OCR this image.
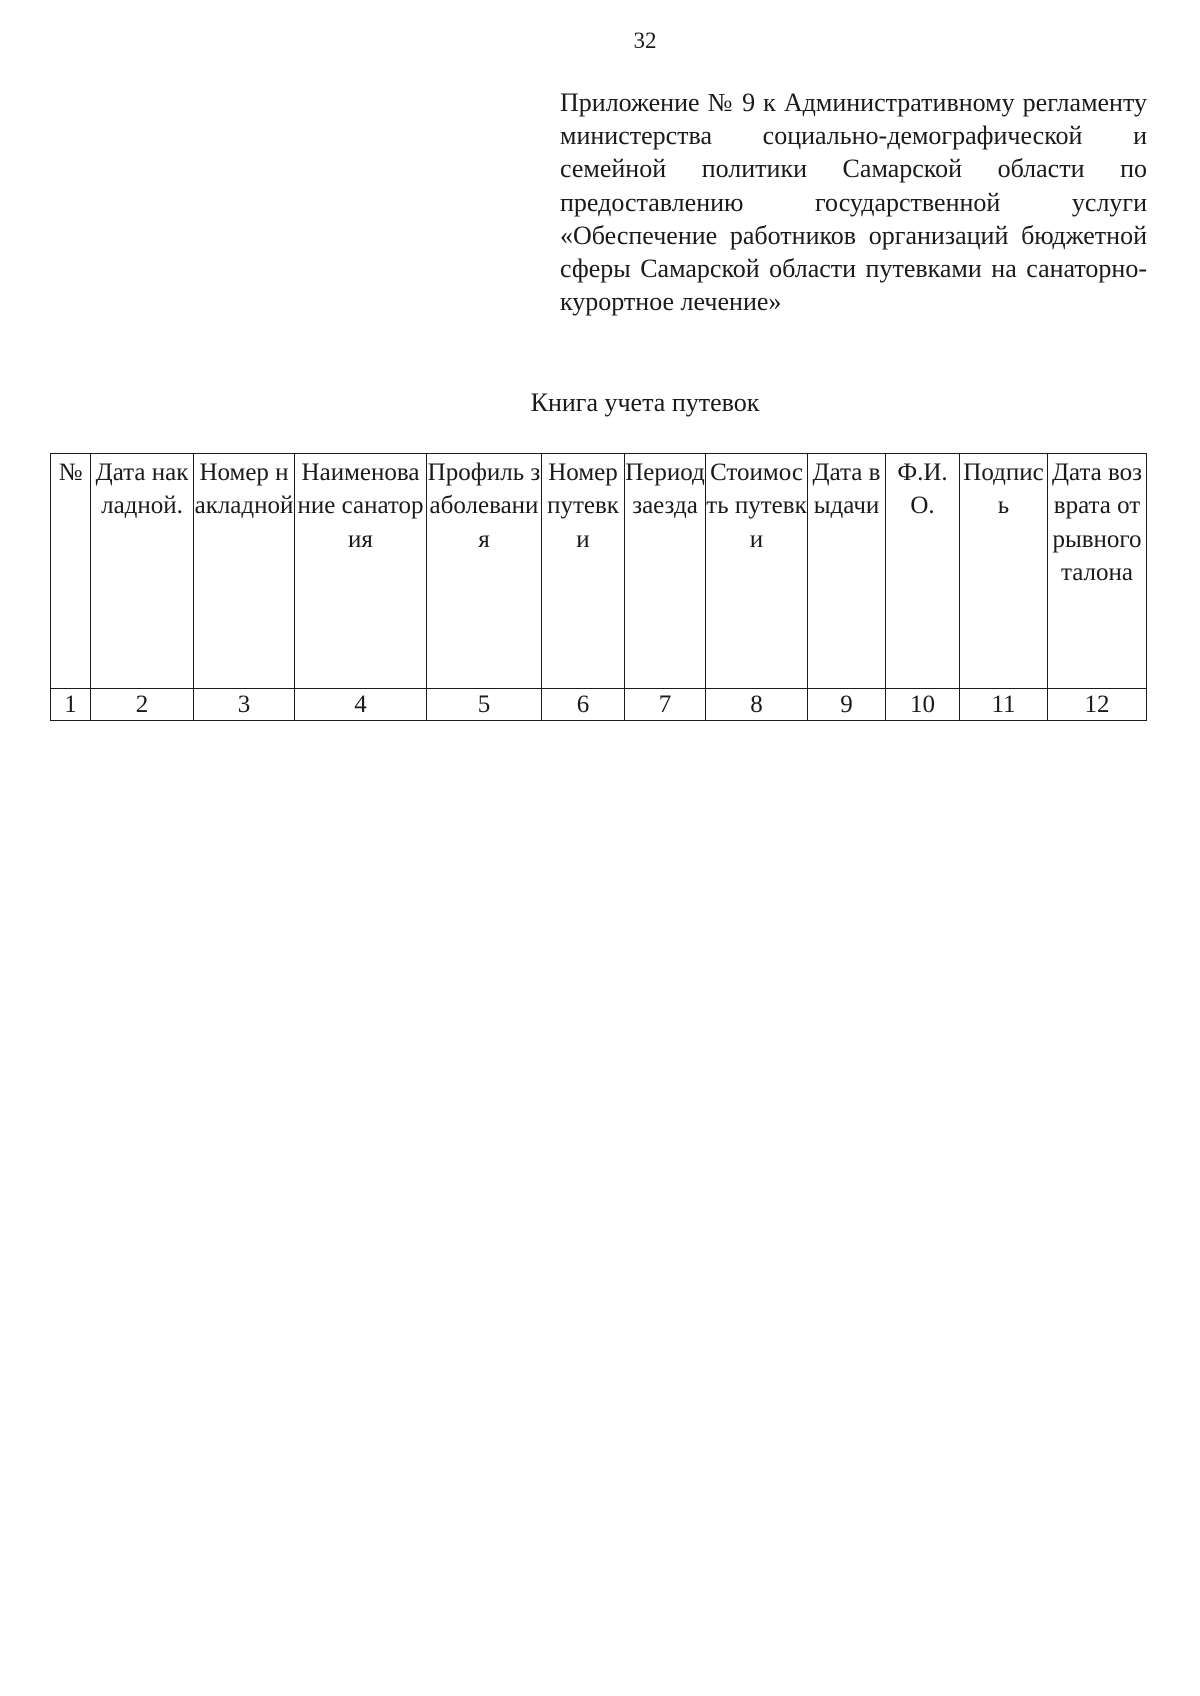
32
Приложение № 9 к Административному регламенту министерства социально-демографической и семейной политики Самарской области по предоставлению государственной услуги «Обеспечение работников организаций бюджетной сферы Самарской области путевками на санаторно-курортное лечение»
Книга учета путевок
№	Дата накладной.	Номер накладной	Наименование санатория	Профиль заболевания	Номер путевки	Период заезда	Стоимость путевки	Дата выдачи	Ф.И.О.	Подпись	Дата возврата отрывного талона
1	2	3	4	5	6	7	8	9	10	11	12
